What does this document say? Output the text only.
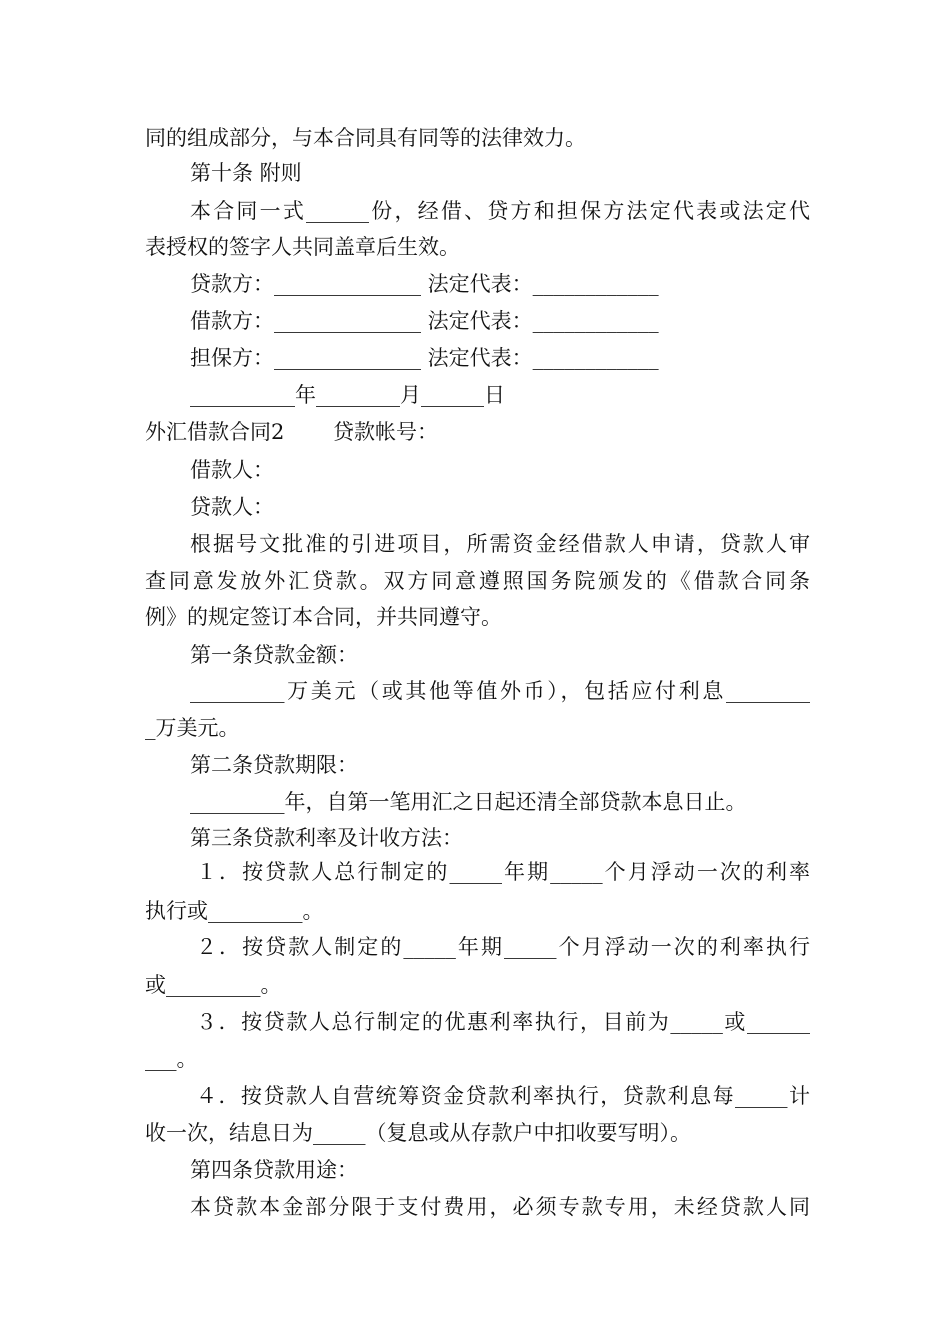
同的组成部分，与本合同具有同等的法律效力。
第十条 附则
本合同一式______份，经借、贷方和担保方法定代表或法定代
表授权的签字人共同盖章后生效。
贷款方：______________ 法定代表：____________
借款方：______________ 法定代表：____________
担保方：______________ 法定代表：____________
__________年________月______日
外汇借款合同2 　　贷款帐号：
借款人：
贷款人：
根据号文批准的引进项目，所需资金经借款人申请，贷款人审
查同意发放外汇贷款。双方同意遵照国务院颁发的《借款合同条
例》的规定签订本合同，并共同遵守。
第一条贷款金额：
_________万美元（或其他等值外币），包括应付利息________
_万美元。
第二条贷款期限：
_________年，自第一笔用汇之日起还清全部贷款本息日止。
第三条贷款利率及计收方法：
１．按贷款人总行制定的_____年期_____个月浮动一次的利率
执行或_________。
２．按贷款人制定的_____年期_____个月浮动一次的利率执行
或_________。
３．按贷款人总行制定的优惠利率执行，目前为_____或______
___。
４．按贷款人自营统筹资金贷款利率执行，贷款利息每_____计
收一次，结息日为_____（复息或从存款户中扣收要写明）。
第四条贷款用途：
本贷款本金部分限于支付费用，必须专款专用，未经贷款人同
